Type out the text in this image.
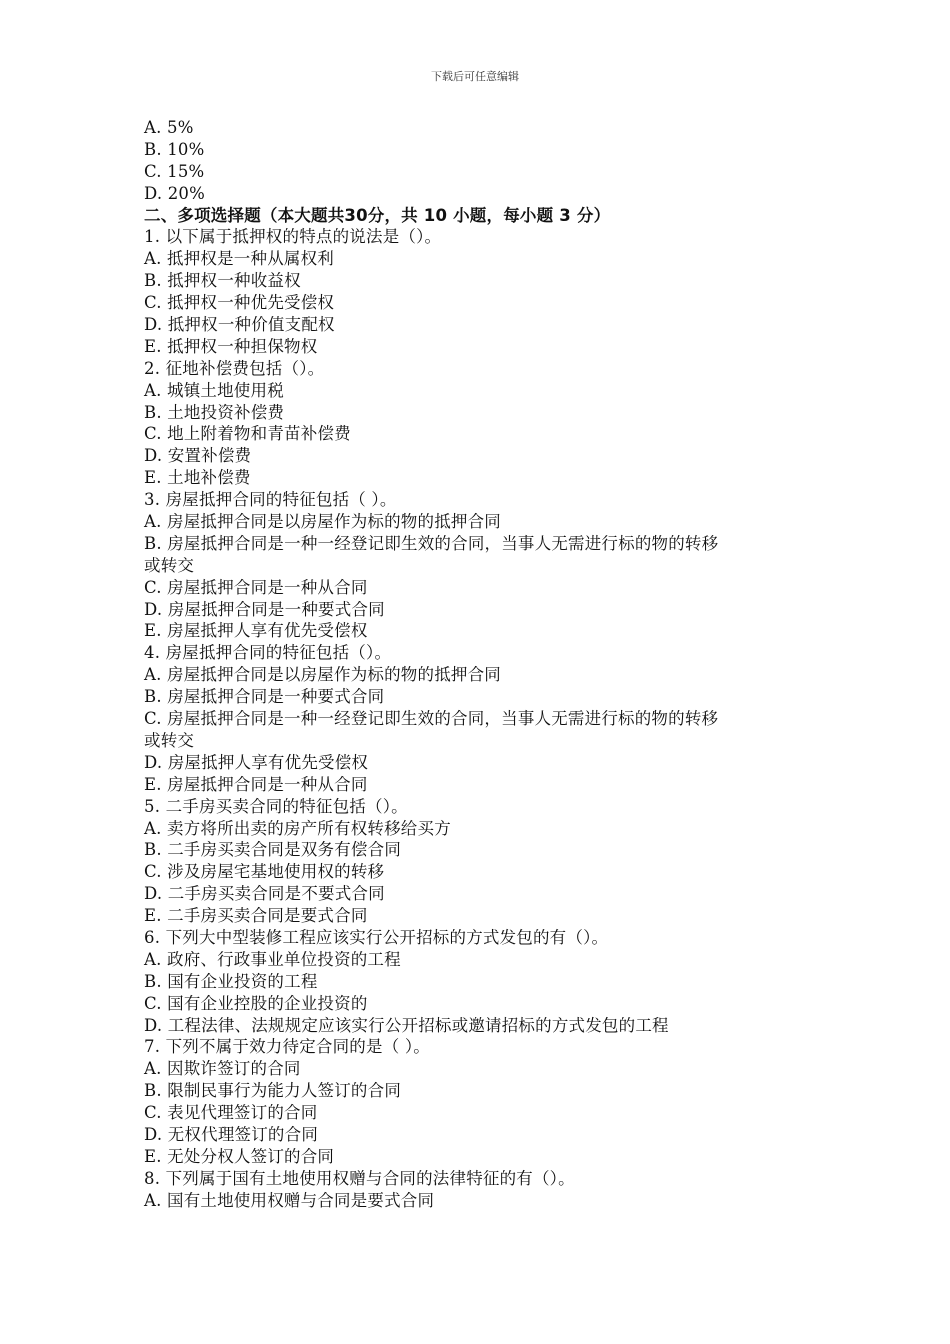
下载后可任意编辑
A. 5%
B. 10%
C. 15%
D. 20%
二、多项选择题（本大题共30分，共 10 小题，每小题 3 分）
1. 以下属于抵押权的特点的说法是（）。
A. 抵押权是一种从属权利
B. 抵押权一种收益权
C. 抵押权一种优先受偿权
D. 抵押权一种价值支配权
E. 抵押权一种担保物权
2. 征地补偿费包括（）。
A. 城镇土地使用税
B. 土地投资补偿费
C. 地上附着物和青苗补偿费
D. 安置补偿费
E. 土地补偿费
3. 房屋抵押合同的特征包括（ ）。
A. 房屋抵押合同是以房屋作为标的物的抵押合同
B. 房屋抵押合同是一种一经登记即生效的合同，当事人无需进行标的物的转移
或转交
C. 房屋抵押合同是一种从合同
D. 房屋抵押合同是一种要式合同
E. 房屋抵押人享有优先受偿权
4. 房屋抵押合同的特征包括（）。
A. 房屋抵押合同是以房屋作为标的物的抵押合同
B. 房屋抵押合同是一种要式合同
C. 房屋抵押合同是一种一经登记即生效的合同，当事人无需进行标的物的转移
或转交
D. 房屋抵押人享有优先受偿权
E. 房屋抵押合同是一种从合同
5. 二手房买卖合同的特征包括（）。
A. 卖方将所出卖的房产所有权转移给买方
B. 二手房买卖合同是双务有偿合同
C. 涉及房屋宅基地使用权的转移
D. 二手房买卖合同是不要式合同
E. 二手房买卖合同是要式合同
6. 下列大中型装修工程应该实行公开招标的方式发包的有（）。
A. 政府、行政事业单位投资的工程
B. 国有企业投资的工程
C. 国有企业控股的企业投资的
D. 工程法律、法规规定应该实行公开招标或邀请招标的方式发包的工程
7. 下列不属于效力待定合同的是（ ）。
A. 因欺诈签订的合同
B. 限制民事行为能力人签订的合同
C. 表见代理签订的合同
D. 无权代理签订的合同
E. 无处分权人签订的合同
8. 下列属于国有土地使用权赠与合同的法律特征的有（）。
A. 国有土地使用权赠与合同是要式合同
